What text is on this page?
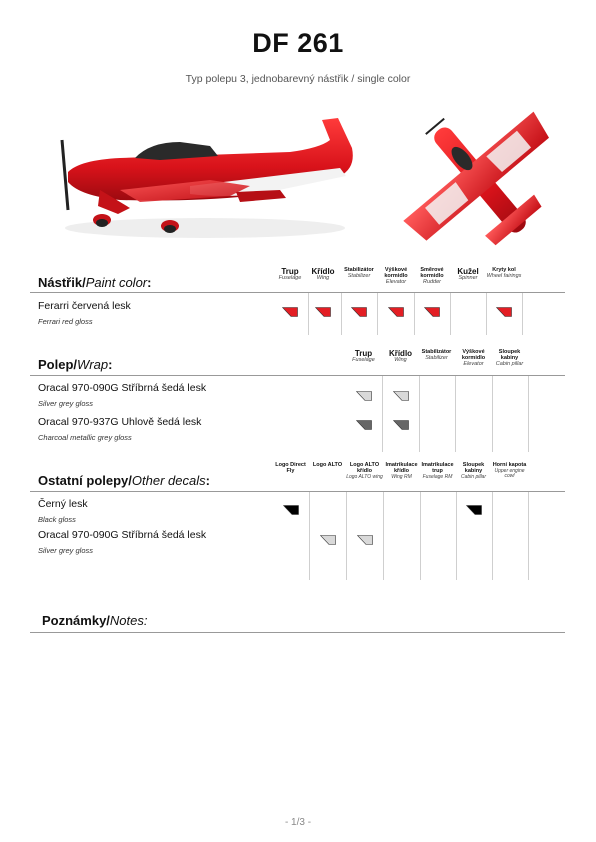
DF 261
Typ polepu 3, jednobarevný nástřik / single color
Nástřik/Paint color:
Trup
Fuselage
Křídlo
Wing
Stabilizátor
Stabilizer
Výškové kormidlo
Elevator
Směrové kormidlo
Rudder
Kužel
Spinner
Kryty kol
Wheel fairings
Ferarri červená lesk
Ferrari red gloss
Polep/Wrap:
Trup
Fuselage
Křídlo
Wing
Stabilizátor
Stabilizer
Výškové kormidlo
Elevator
Sloupek kabiny
Cabin pillar
Oracal 970-090G Stříbrná šedá lesk
Silver grey gloss
Oracal 970-937G Uhlově šedá lesk
Charcoal metallic grey gloss
Ostatní polepy/Other decals:
Logo Direct Fly
Logo ALTO	Logo ALTO křídlo
Logo ALTO wing
Imatrikulace křídlo
Wing RM
Imatrikulace trup
Fuselage RM
Sloupek kabiny
Cabin pillar
Horní kapota
Upper engine cowl
Černý lesk
Black gloss
Oracal 970-090G Stříbrná šedá lesk
Silver grey gloss
Poznámky/Notes:
- 1/3 -
